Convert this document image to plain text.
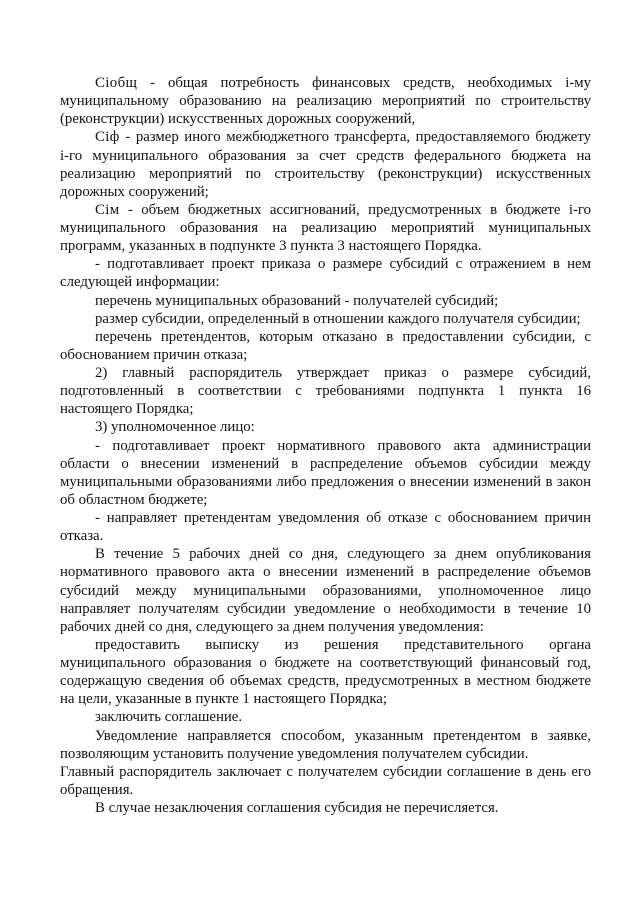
Сiобщ - общая потребность финансовых средств, необходимых i-му
муниципальному образованию на реализацию мероприятий по строительству
(реконструкции) искусственных дорожных сооружений,
Сiф - размер иного межбюджетного трансферта, предоставляемого бюджету
i-го муниципального образования за счет средств федерального бюджета на
реализацию мероприятий по строительству (реконструкции) искусственных
дорожных сооружений;
Сiм - объем бюджетных ассигнований, предусмотренных в бюджете i-го
муниципального образования на реализацию мероприятий муниципальных
программ, указанных в подпункте 3 пункта 3 настоящего Порядка.
- подготавливает проект приказа о размере субсидий с отражением в нем
следующей информации:
перечень муниципальных образований - получателей субсидий;
размер субсидии, определенный в отношении каждого получателя субсидии;
перечень претендентов, которым отказано в предоставлении субсидии, с
обоснованием причин отказа;
2) главный распорядитель утверждает приказ о размере субсидий,
подготовленный в соответствии с требованиями подпункта 1 пункта 16
настоящего Порядка;
3) уполномоченное лицо:
- подготавливает проект нормативного правового акта администрации
области о внесении изменений в распределение объемов субсидии между
муниципальными образованиями либо предложения о внесении изменений в закон
об областном бюджете;
- направляет претендентам уведомления об отказе с обоснованием причин
отказа.
В течение 5 рабочих дней со дня, следующего за днем опубликования
нормативного правового акта о внесении изменений в распределение объемов
субсидий между муниципальными образованиями, уполномоченное лицо
направляет получателям субсидии уведомление о необходимости в течение 10
рабочих дней со дня, следующего за днем получения уведомления:
предоставить выписку из решения представительного органа
муниципального образования о бюджете на соответствующий финансовый год,
содержащую сведения об объемах средств, предусмотренных в местном бюджете
на цели, указанные в пункте 1 настоящего Порядка;
заключить соглашение.
Уведомление направляется способом, указанным претендентом в заявке,
позволяющим установить получение уведомления получателем субсидии.
Главный распорядитель заключает с получателем субсидии соглашение в день его
обращения.
В случае незаключения соглашения субсидия не перечисляется.
